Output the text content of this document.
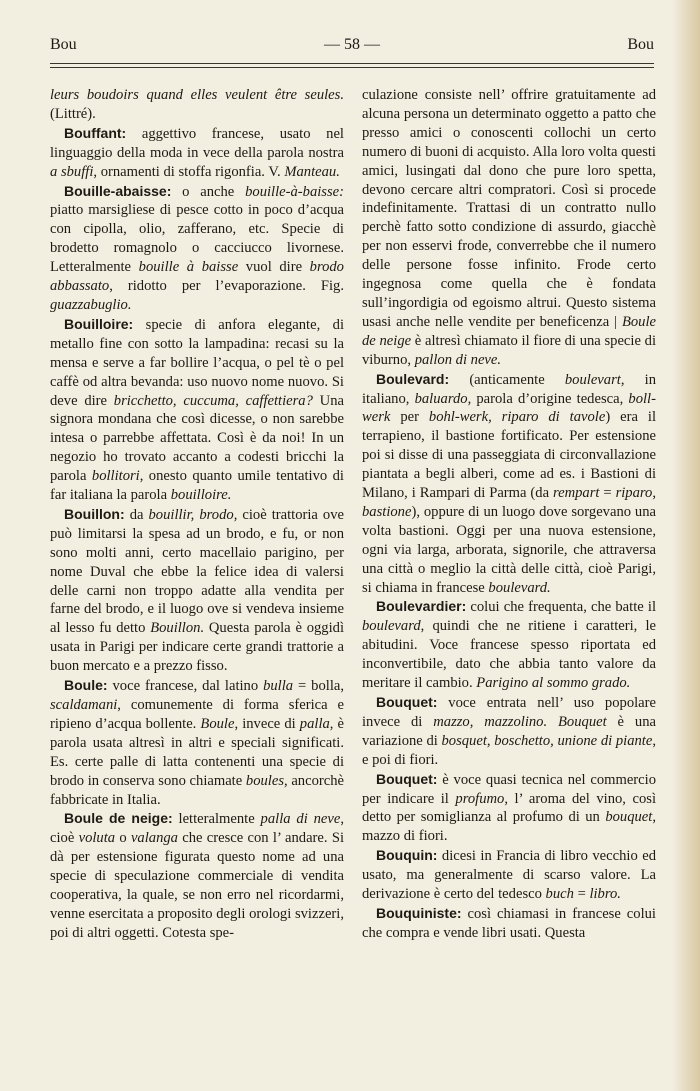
Bou	— 58 —	Bou

leurs boudoirs quand elles veulent être seules. (Littré).

Bouffant: aggettivo francese, usato nel linguaggio della moda in vece della parola nostra a sbuffi, ornamenti di stoffa rigonfia. V. Manteau.

Bouille-abaisse: o anche bouille-à-baisse: piatto marsigliese di pesce cotto in poco d’acqua con cipolla, olio, zafferano, etc. Specie di brodetto romagnolo o cacciucco livornese. Letteralmente bouille à baisse vuol dire brodo abbassato, ridotto per l’evaporazione. Fig. guazzabuglio.

Bouilloire: specie di anfora elegante, di metallo fine con sotto la lampadina: recasi su la mensa e serve a far bollire l’acqua, o pel tè o pel caffè od altra bevanda: uso nuovo nome nuovo. Si deve dire bricchetto, cuccuma, caffettiera? Una signora mondana che così dicesse, o non sarebbe intesa o parrebbe affettata. Così è da noi! In un negozio ho trovato accanto a codesti bricchi la parola bollitori, onesto quanto umile tentativo di far italiana la parola bouilloire.

Bouillon: da bouillir, brodo, cioè trattoria ove può limitarsi la spesa ad un brodo, e fu, or non sono molti anni, certo macellaio parigino, per nome Duval che ebbe la felice idea di valersi delle carni non troppo adatte alla vendita per farne del brodo, e il luogo ove si vendeva insieme al lesso fu detto Bouillon. Questa parola è oggidì usata in Parigi per indicare certe grandi trattorie a buon mercato e a prezzo fisso.

Boule: voce francese, dal latino bulla = bolla, scaldamani, comunemente di forma sferica e ripieno d’acqua bollente. Boule, invece di palla, è parola usata altresì in altri e speciali significati. Es. certe palle di latta contenenti una specie di brodo in conserva sono chiamate boules, ancorchè fabbricate in Italia.

Boule de neige: letteralmente palla di neve, cioè voluta o valanga che cresce con l’ andare. Si dà per estensione figurata questo nome ad una specie di speculazione commerciale di vendita cooperativa, la quale, se non erro nel ricordarmi, venne esercitata a proposito degli orologi svizzeri, poi di altri oggetti. Cotesta spe-

culazione consiste nell’ offrire gratuitamente ad alcuna persona un determinato oggetto a patto che presso amici o conoscenti collochi un certo numero di buoni di acquisto. Alla loro volta questi amici, lusingati dal dono che pure loro spetta, devono cercare altri compratori. Così si procede indefinitamente. Trattasi di un contratto nullo perchè fatto sotto condizione di assurdo, giacchè per non esservi frode, converrebbe che il numero delle persone fosse infinito. Frode certo ingegnosa come quella che è fondata sull’ingordigia od egoismo altrui. Questo sistema usasi anche nelle vendite per beneficenza | Boule de neige è altresì chiamato il fiore di una specie di viburno, pallon di neve.

Boulevard: (anticamente boulevart, in italiano, baluardo, parola d’origine tedesca, boll-werk per bohl-werk, riparo di tavole) era il terrapieno, il bastione fortificato. Per estensione poi si disse di una passeggiata di circonvallazione piantata a begli alberi, come ad es. i Bastioni di Milano, i Rampari di Parma (da rempart = riparo, bastione), oppure di un luogo dove sorgevano una volta bastioni. Oggi per una nuova estensione, ogni via larga, arborata, signorile, che attraversa una città o meglio la città delle città, cioè Parigi, si chiama in francese boulevard.

Boulevardier: colui che frequenta, che batte il boulevard, quindi che ne ritiene i caratteri, le abitudini. Voce francese spesso riportata ed inconvertibile, dato che abbia tanto valore da meritare il cambio. Parigino al sommo grado.

Bouquet: voce entrata nell’ uso popolare invece di mazzo, mazzolino. Bouquet è una variazione di bosquet, boschetto, unione di piante, e poi di fiori.

Bouquet: è voce quasi tecnica nel commercio per indicare il profumo, l’ aroma del vino, così detto per somiglianza al profumo di un bouquet, mazzo di fiori.

Bouquin: dicesi in Francia di libro vecchio ed usato, ma generalmente di scarso valore. La derivazione è certo del tedesco buch = libro.

Bouquiniste: così chiamasi in francese colui che compra e vende libri usati. Questa
